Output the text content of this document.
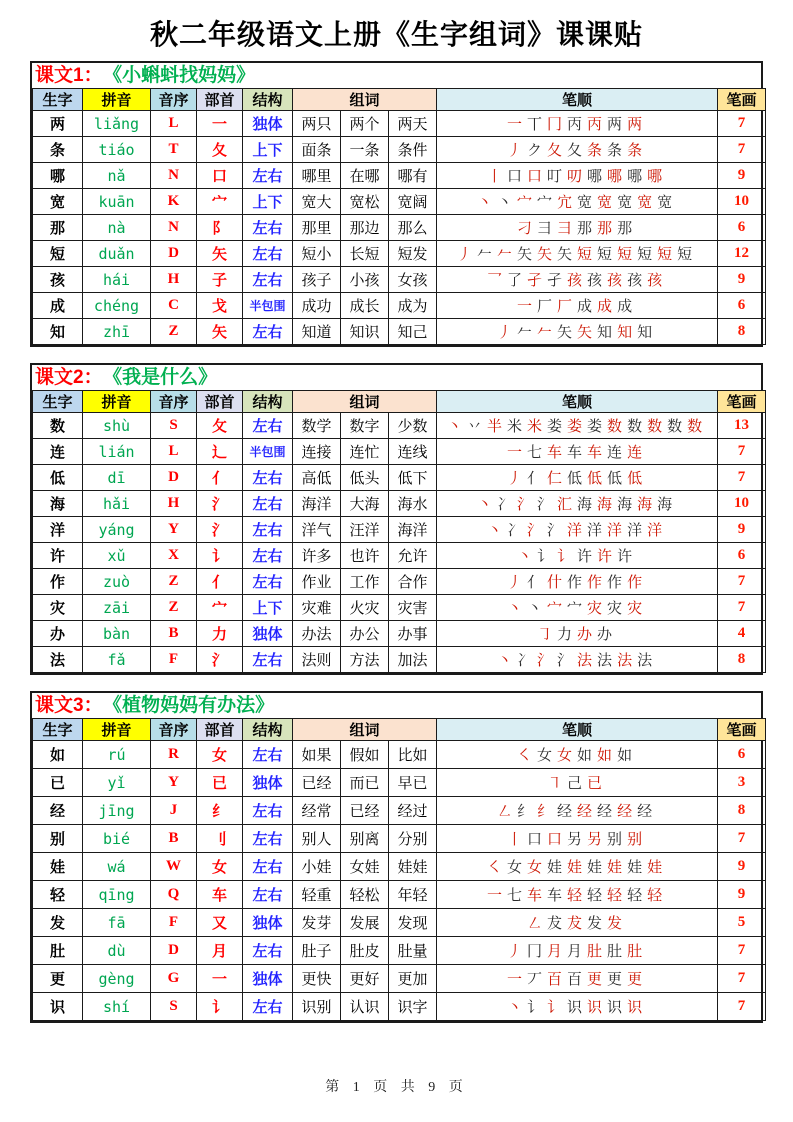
秋二年级语文上册《生字组词》课课贴
课文1： 《小蝌蚪找妈妈》
生字	拼音	音序	部首	结构	组词			笔顺	笔画
两	liǎng	L	一	独体	两只	两个	两天	一 丅 冂 丙 丙 两 两	7
条	tiáo	T	夂	上下	面条	一条	条件	丿 ク 夂 夂 条 条 条	7
哪	nǎ	N	口	左右	哪里	在哪	哪有	丨 口 口 叮 叨 哪 哪 哪 哪	9
宽	kuān	K	宀	上下	宽大	宽松	宽阔	丶 丶 宀 宀 宂 宽 宽 宽 宽 宽	10
那	nà	N	阝	左右	那里	那边	那么	刁 彐 彐 那 那 那	6
短	duǎn	D	矢	左右	短小	长短	短发	丿 𠂉 𠂉 矢 矢 矢 短 短 短 短 短 短	12
孩	hái	H	子	左右	孩子	小孩	女孩	乛 了 孑 孑 孩 孩 孩 孩 孩	9
成	chéng	C	戈	半包围	成功	成长	成为	一 厂 厂 成 成 成	6
知	zhī	Z	矢	左右	知道	知识	知己	丿 𠂉 𠂉 矢 矢 知 知 知	8
课文2： 《我是什么》
生字	拼音	音序	部首	结构	组词			笔顺	笔画
数	shù	S	攵	左右	数学	数字	少数	丶 丷 半 米 米 娄 娄 娄 数 数 数 数 数	13
连	lián	L	辶	半包围	连接	连忙	连线	一 七 车 车 车 连 连	7
低	dī	D	亻	左右	高低	低头	低下	丿 亻 仁 低 低 低 低	7
海	hǎi	H	氵	左右	海洋	大海	海水	丶 冫 氵 氵 汇 海 海 海 海 海	10
洋	yáng	Y	氵	左右	洋气	汪洋	海洋	丶 冫 氵 氵 洋 洋 洋 洋 洋	9
许	xǔ	X	讠	左右	许多	也许	允许	丶 讠 讠 许 许 许	6
作	zuò	Z	亻	左右	作业	工作	合作	丿 亻 什 作 作 作 作	7
灾	zāi	Z	宀	上下	灾难	火灾	灾害	丶 丶 宀 宀 灾 灾 灾	7
办	bàn	B	力	独体	办法	办公	办事	㇆ 力 办 办	4
法	fǎ	F	氵	左右	法则	方法	加法	丶 冫 氵 氵 法 法 法 法	8
课文3： 《植物妈妈有办法》
生字	拼音	音序	部首	结构	组词			笔顺	笔画
如	rú	R	女	左右	如果	假如	比如	㇛ 女 女 如 如 如	6
已	yǐ	Y	已	独体	已经	而已	早已	㇕ 己 已	3
经	jīng	J	纟	左右	经常	已经	经过	㇜ 纟 纟 经 经 经 经 经	8
别	bié	B	刂	左右	别人	别离	分别	丨 口 口 另 另 别 别	7
娃	wá	W	女	左右	小娃	女娃	娃娃	㇛ 女 女 娃 娃 娃 娃 娃 娃	9
轻	qīng	Q	车	左右	轻重	轻松	年轻	一 七 车 车 轻 轻 轻 轻 轻	9
发	fā	F	又	独体	发芽	发展	发现	㇜ 犮 犮 发 发	5
肚	dù	D	月	左右	肚子	肚皮	肚量	丿 冂 月 月 肚 肚 肚	7
更	gèng	G	一	独体	更快	更好	更加	一 丆 百 百 更 更 更	7
识	shí	S	讠	左右	识别	认识	识字	丶 讠 讠 识 识 识 识	7
第 1 页 共 9 页
